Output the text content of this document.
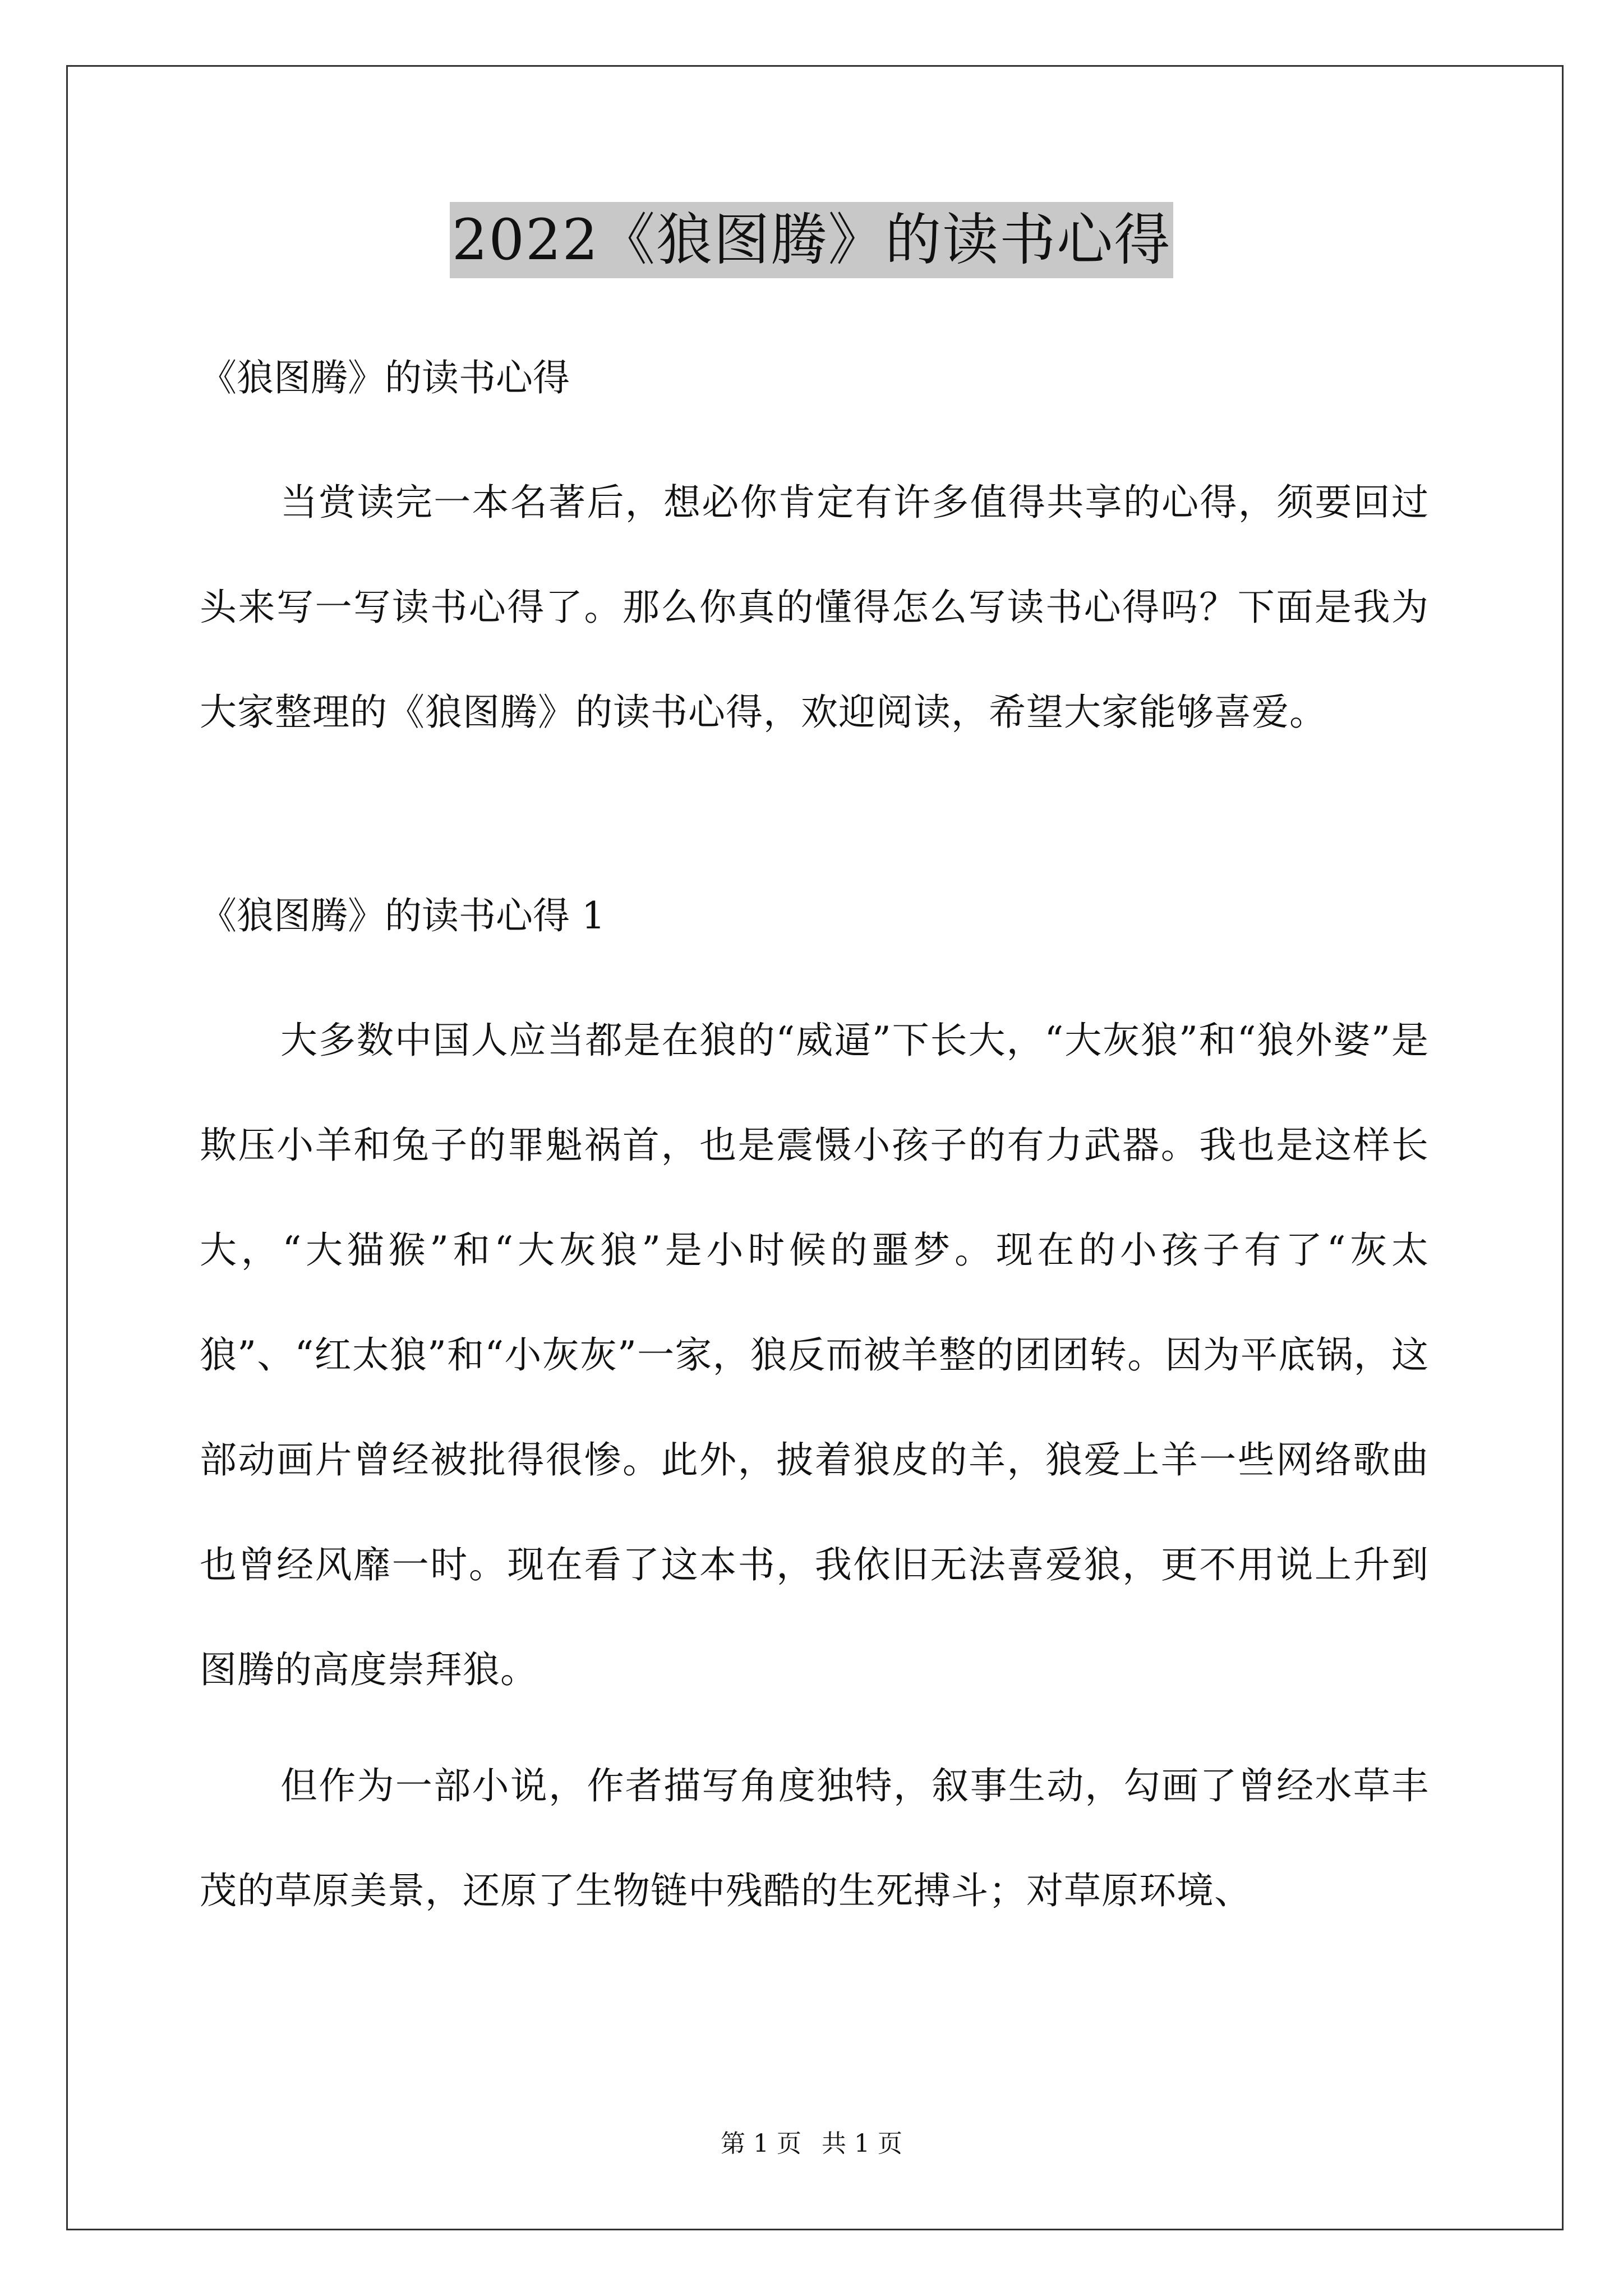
2022《狼图腾》的读书心得

《狼图腾》的读书心得

当赏读完一本名著后，想必你肯定有许多值得共享的心得，须要回过头来写一写读书心得了。那么你真的懂得怎么写读书心得吗？下面是我为大家整理的《狼图腾》的读书心得，欢迎阅读，希望大家能够喜爱。

《狼图腾》的读书心得 1

大多数中国人应当都是在狼的“威逼”下长大，“大灰狼”和“狼外婆”是欺压小羊和兔子的罪魁祸首，也是震慑小孩子的有力武器。我也是这样长大，“大猫猴”和“大灰狼”是小时候的噩梦。现在的小孩子有了“灰太狼”、“红太狼”和“小灰灰”一家，狼反而被羊整的团团转。因为平底锅，这部动画片曾经被批得很惨。此外，披着狼皮的羊，狼爱上羊一些网络歌曲也曾经风靡一时。现在看了这本书，我依旧无法喜爱狼，更不用说上升到图腾的高度崇拜狼。

但作为一部小说，作者描写角度独特，叙事生动，勾画了曾经水草丰茂的草原美景，还原了生物链中残酷的生死搏斗；对草原环境、

第 1 页 共 1 页
